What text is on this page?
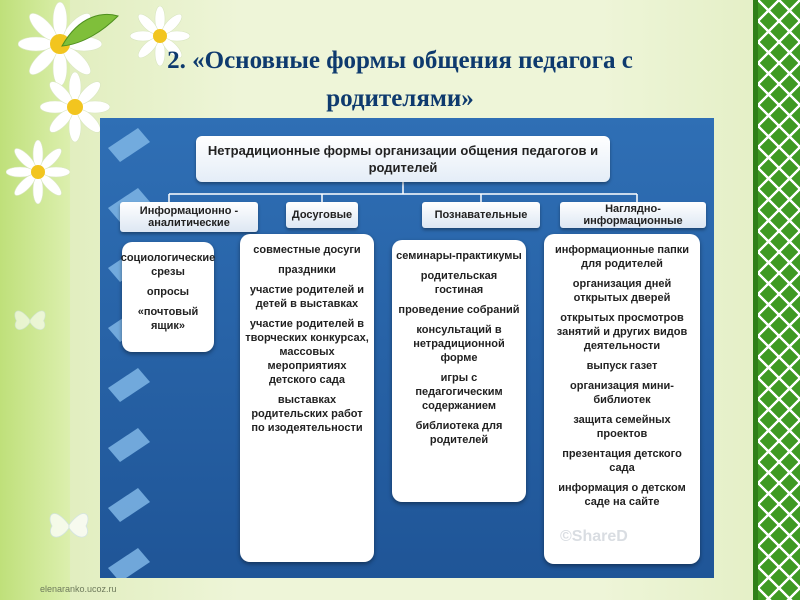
2. «Основные формы общения педагога с
родителями»
Нетрадиционные формы организации общения педагогов и родителей
Информационно - аналитические
Досуговые	Познавательные	Наглядно-информационные
социологические срезы
опросы
«почтовый ящик»
совместные досуги
праздники
участие родителей и детей в выставках
участие родителей в творческих конкурсах, массовых мероприятиях детского сада
выставках родительских работ по изодеятельности
семинары-практикумы
родительская гостиная
проведение собраний
консультаций в нетрадиционной форме
игры с педагогическим содержанием
библиотека для родителей
информационные папки для родителей
организация дней открытых дверей
открытых просмотров занятий и других видов деятельности
выпуск газет
организация мини-библиотек
защита семейных проектов
презентация детского сада
информация о детском саде на сайте
©ShareD
elenaranko.ucoz.ru
